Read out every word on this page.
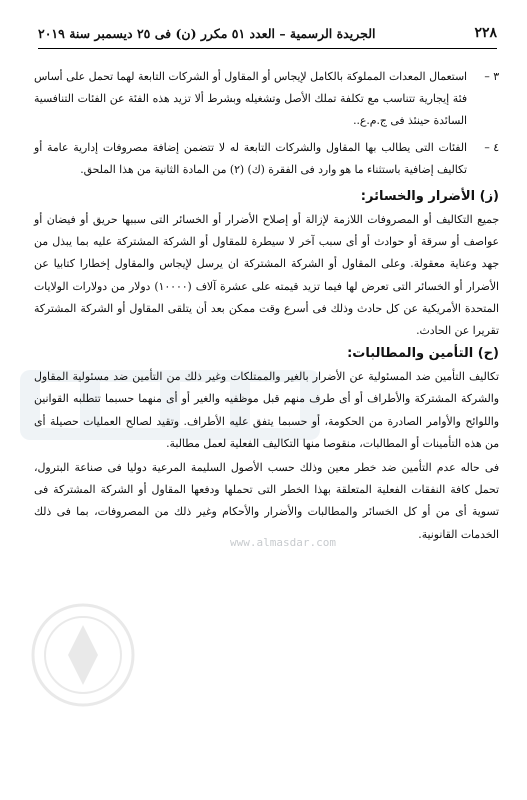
٢٢٨
الجريدة الرسمية – العدد ٥١ مكرر (ن) فى ٢٥ ديسمبر سنة ٢٠١٩
www.almasdar.com
٣ –
استعمال المعدات المملوكة بالكامل لإيجاس أو المقاول أو الشركات التابعة لهما تحمل على أساس فئة إيجارية تتناسب مع تكلفة تملك الأصل وتشغيله وبشرط ألا تزيد هذه الفئة عن الفئات التنافسية السائدة حينئذ فى ج.م.ع..
٤ –
الفئات التى يطالب بها المقاول والشركات التابعة له لا تتضمن إضافة مصروفات إدارية عامة أو تكاليف إضافية باستثناء ما هو وارد فى الفقرة (ك) (٢) من المادة الثانية من هذا الملحق.
(ز) الأضرار والخسائر:

جميع التكاليف أو المصروفات اللازمة لإزالة أو إصلاح الأضرار أو الخسائر التى سببها حريق أو فيضان أو عواصف أو سرقة أو حوادث أو أى سبب آخر لا سيطرة للمقاول أو الشركة المشتركة عليه بما يبذل من جهد وعناية معقولة. وعلى المقاول أو الشركة المشتركة ان يرسل لإيجاس والمقاول إخطارا كتابيا عن الأضرار أو الخسائر التى تعرض لها فيما تزيد قيمته على عشرة آلاف (١٠٠٠٠) دولار من دولارات الولايات المتحدة الأمريكية عن كل حادث وذلك فى أسرع وقت ممكن بعد أن يتلقى المقاول أو الشركة المشتركة تقريرا عن الحادث.

(ح) التأمين والمطالبات:

تكاليف التأمين ضد المسئولية عن الأضرار بالغير والممتلكات وغير ذلك من التأمين ضد مسئولية المقاول والشركة المشتركة والأطراف أو أى طرف منهم قبل موظفيه والغير أو أى منهما حسبما تتطلبه القوانين واللوائح والأوامر الصادرة من الحكومة، أو حسبما يتفق عليه الأطراف. وتقيد لصالح العمليات حصيلة أى من هذه التأمينات أو المطالبات، منقوصا منها التكاليف الفعلية لعمل مطالبة.

فى حاله عدم التأمين ضد خطر معين وذلك حسب الأصول السليمة المرعية دوليا فى صناعة البترول، تحمل كافة النفقات الفعلية المتعلقة بهذا الخطر التى تحملها ودفعها المقاول أو الشركة المشتركة فى تسوية أى من أو كل الخسائر والمطالبات والأضرار والأحكام وغير ذلك من المصروفات، بما فى ذلك الخدمات القانونية.
